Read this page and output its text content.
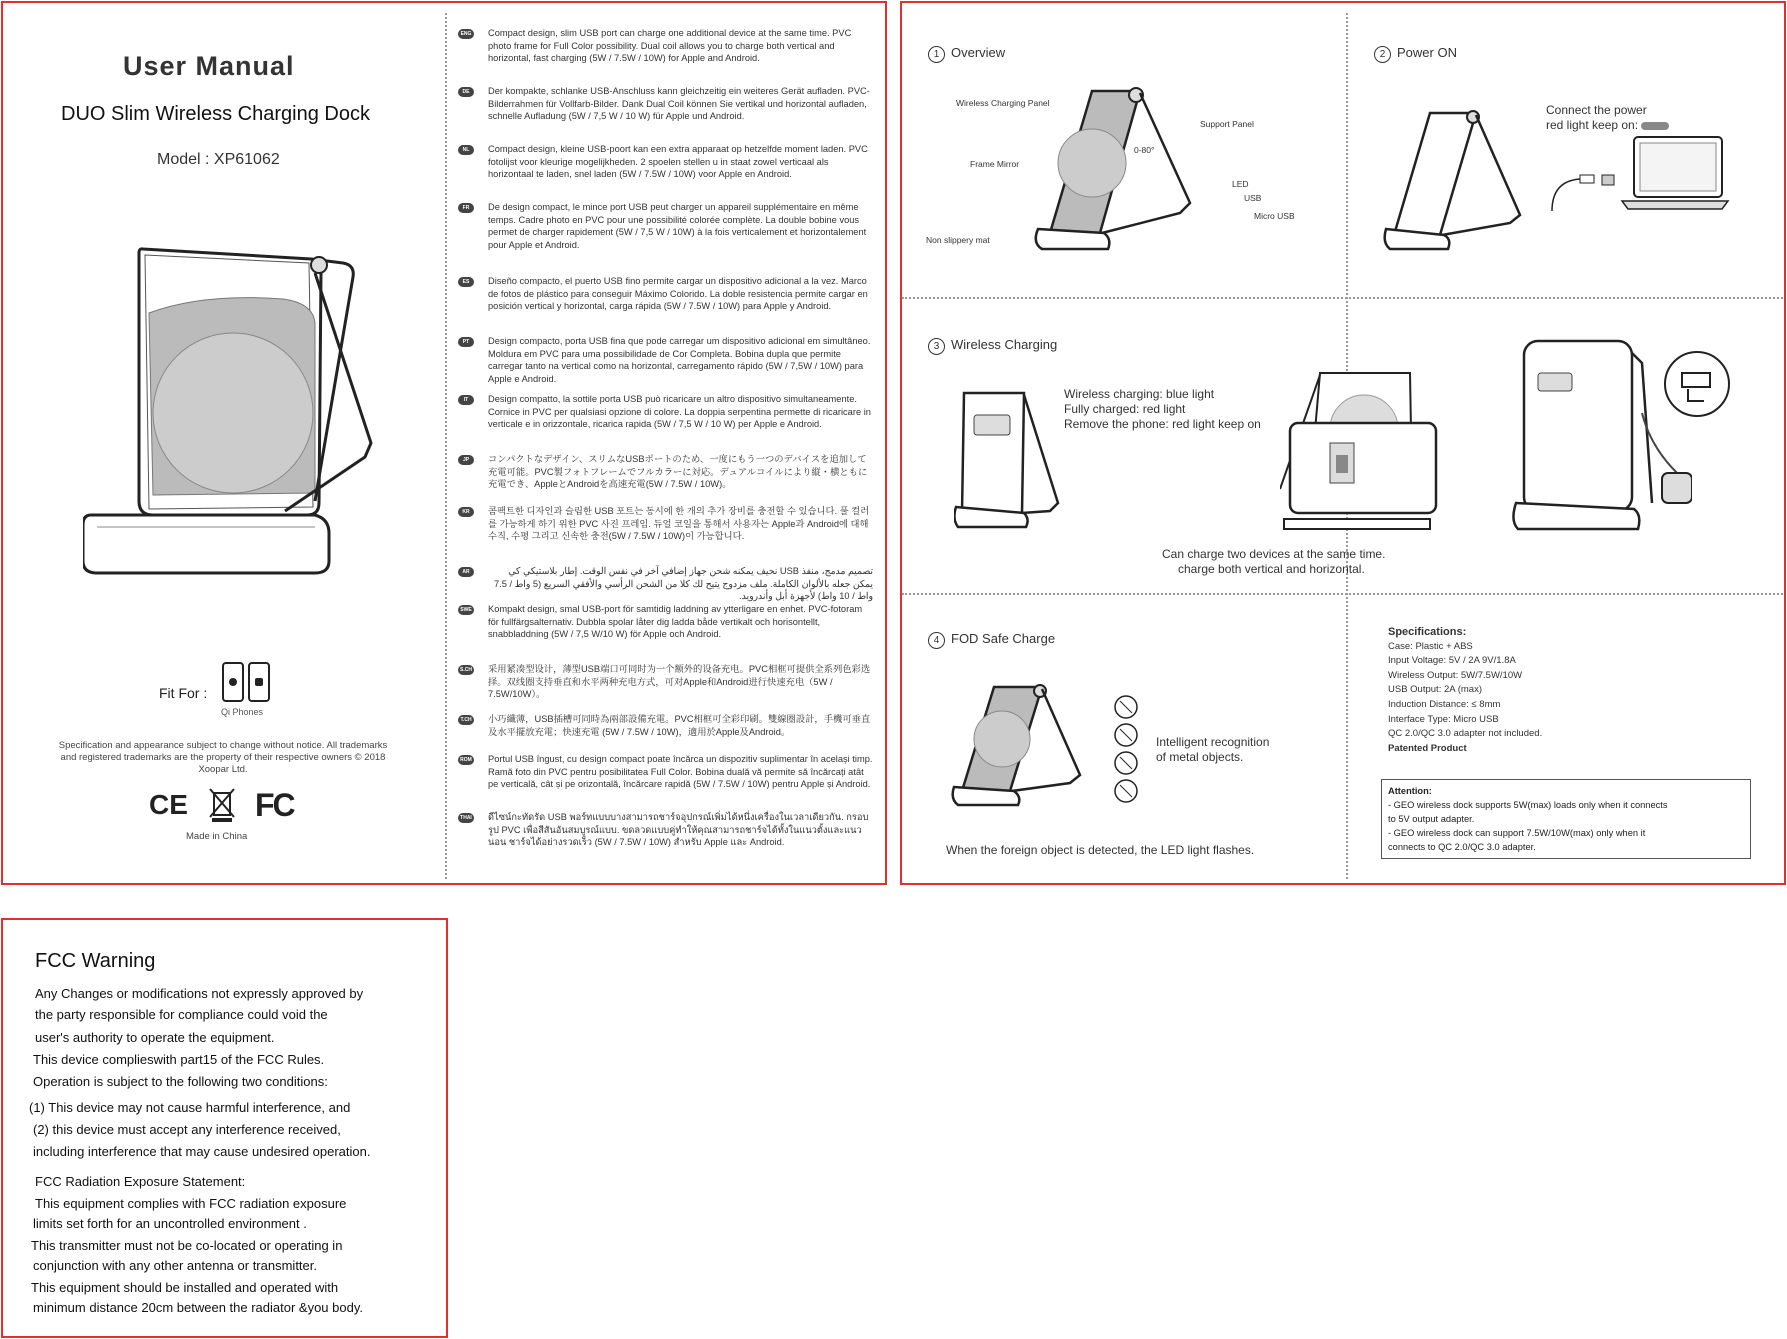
User Manual
DUO Slim Wireless Charging Dock
Model : XP61062
Fit For :
Qi Phones
Specification and appearance subject to change without notice. All trademarks and registered trademarks are the property of their respective owners © 2018 Xoopar Ltd.
CE FC
Made in China
ENG Compact design, slim USB port can charge one additional device at the same time. PVC photo frame for Full Color possibility. Dual coil allows you to charge both vertical and horizontal, fast charging (5W / 7.5W / 10W) for Apple and Android.
DE	Der kompakte, schlanke USB-Anschluss kann gleichzeitig ein weiteres Gerät aufladen. PVC-Bilderrahmen für Vollfarb-Bilder. Dank Dual Coil können Sie vertikal und horizontal aufladen, schnelle Aufladung (5W / 7,5 W / 10 W) für Apple und Android.
NL	Compact design, kleine USB-poort kan een extra apparaat op hetzelfde moment laden. PVC fotolijst voor kleurige mogelijkheden. 2 spoelen stellen u in staat zowel verticaal als horizontaal te laden, snel laden (5W / 7.5W / 10W) voor Apple en Android.
FR	De design compact, le mince port USB peut charger un appareil supplémentaire en même temps. Cadre photo en PVC pour une possibilité colorée complète. La double bobine vous permet de charger rapidement (5W / 7,5 W / 10W) à la fois verticalement et horizontalement pour Apple et Android.
ES	Diseño compacto, el puerto USB fino permite cargar un dispositivo adicional a la vez. Marco de fotos de plástico para conseguir Máximo Colorido. La doble resistencia permite cargar en posición vertical y horizontal, carga rápida (5W / 7.5W / 10W) para Apple y Android.
PT	Design compacto, porta USB fina que pode carregar um dispositivo adicional em simultâneo. Moldura em PVC para uma possibilidade de Cor Completa. Bobina dupla que permite carregar tanto na vertical como na horizontal, carregamento rápido (5W / 7,5W / 10W) para Apple e Android.
IT	Design compatto, la sottile porta USB può ricaricare un altro dispositivo simultaneamente. Cornice in PVC per qualsiasi opzione di colore. La doppia serpentina permette di ricaricare in verticale e in orizzontale, ricarica rapida (5W / 7,5 W / 10 W) per Apple e Android.
JP	コンパクトなデザイン、スリムなUSBポートのため、一度にもう一つのデバイスを追加して充電可能。PVC製フォトフレームでフルカラーに対応。デュアルコイルにより縦・横ともに充電でき、AppleとAndroidを高速充電(5W / 7.5W / 10W)。
KR	콤팩트한 디자인과 슬림한 USB 포트는 동시에 한 개의 추가 장비를 충전할 수 있습니다. 풀 컬러를 가능하게 하기 위한 PVC 사진 프레임. 듀얼 코일을 통해서 사용자는 Apple과 Android에 대해 수직, 수평 그리고 신속한 충전(5W / 7.5W / 10W)이 가능합니다.
AR	تصميم مدمج، منفذ USB نحيف يمكنه شحن جهاز إضافي آخر في نفس الوقت. إطار بلاستيكي كي يمكن جعله بالألوان الكاملة. ملف مزدوج يتيح لك كلا من الشحن الرأسي والأفقي السريع (5 واط / 7.5 واط / 10 واط) لأجهزة أبل وأندرويد.
SWE Kompakt design, smal USB-port för samtidig laddning av ytterligare en enhet. PVC-fotoram för fullfärgsalternativ. Dubbla spolar låter dig ladda både vertikalt och horisontellt, snabbladdning (5W / 7,5 W/10 W) för Apple och Android.
S.CH 采用紧凑型设计，薄型USB端口可同时为一个额外的设备充电。PVC相框可提供全系列色彩选择。双线圈支持垂直和水平两种充电方式，可对Apple和Android进行快速充电（5W / 7.5W/10W）。
T.CH 小巧纖薄，USB插槽可同時為兩部設備充電。PVC相框可全彩印刷。雙線圈設計，手機可垂直及水平擺放充電；快速充電 (5W / 7.5W / 10W)，適用於Apple及Android。
ROM Portul USB îngust, cu design compact poate încărca un dispozitiv suplimentar în același timp. Ramă foto din PVC pentru posibilitatea Full Color. Bobina duală vă permite să încărcați atât pe verticală, cât și pe orizontală, încărcare rapidă (5W / 7.5W / 10W) pentru Apple și Android.
THAI ดีไซน์กะทัดรัด USB พอร์ทแบบบางสามารถชาร์จอุปกรณ์เพิ่มได้หนึ่งเครื่องในเวลาเดียวกัน. กรอบรูป PVC เพื่อสีสันอันสมบูรณ์แบบ. ขดลวดแบบคู่ทำให้คุณสามารถชาร์จได้ทั้งในแนวตั้งและแนวนอน ชาร์จได้อย่างรวดเร็ว (5W / 7.5W / 10W) สำหรับ Apple และ Android.
1 Overview
Wireless Charging Panel
Support Panel
0-80°
Frame Mirror
LED
USB
Micro USB
Non slippery mat
2 Power ON
Connect the power
red light keep on:
3 Wireless Charging
Wireless charging: blue light
Fully charged: red light
Remove the phone: red light keep on
Can charge two devices at the same time.
charge both vertical and horizontal.
4 FOD Safe Charge
Intelligent recognition
of metal objects.
When the foreign object is detected, the LED light flashes.
Specifications:
Case: Plastic + ABS
Input Voltage: 5V / 2A 9V/1.8A
Wireless Output: 5W/7.5W/10W
USB Output: 2A (max)
Induction Distance: ≤ 8mm
Interface Type: Micro USB
QC 2.0/QC 3.0 adapter not included.
Patented Product
Attention:
- GEO wireless dock supports 5W(max) loads only when it connects
to 5V output adapter.
- GEO wireless dock can support 7.5W/10W(max) only when it
connects to QC 2.0/QC 3.0 adapter.
FCC Warning
Any Changes or modifications not expressly approved by
the party responsible for compliance could void the
user's authority to operate the equipment.
This device complieswith part15 of the FCC Rules.
Operation is subject to the following two conditions:
(1) This device may not cause harmful interference, and
(2) this device must accept any interference received,
including interference that may cause undesired operation.
FCC Radiation Exposure Statement:
This equipment complies with FCC radiation exposure
limits set forth for an uncontrolled environment .
This transmitter must not be co-located or operating in
conjunction with any other antenna or transmitter.
This equipment should be installed and operated with
minimum distance 20cm between the radiator &you body.
